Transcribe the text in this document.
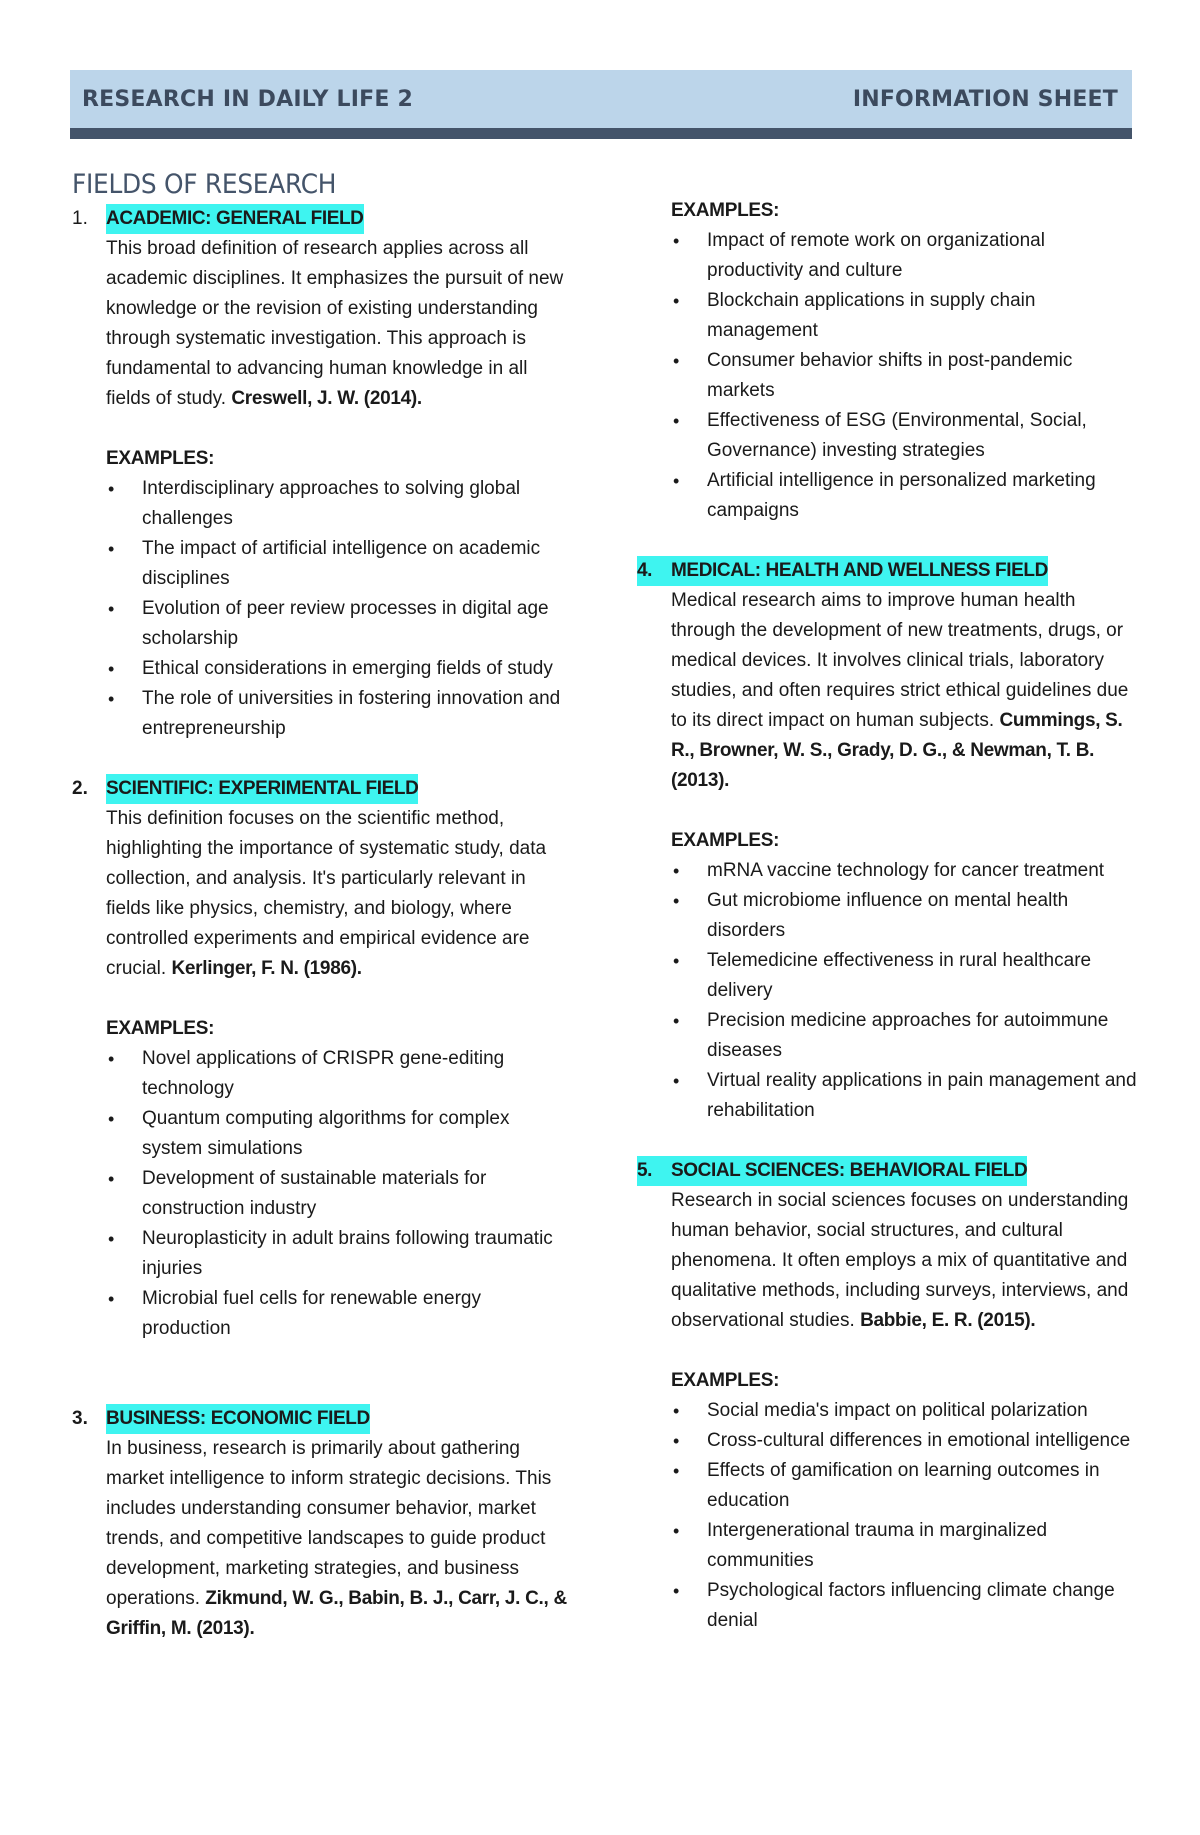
RESEARCH IN DAILY LIFE 2	INFORMATION SHEET
FIELDS OF RESEARCH
1. ACADEMIC: GENERAL FIELD

This broad definition of research applies across all academic disciplines. It emphasizes the pursuit of new knowledge or the revision of existing understanding through systematic investigation. This approach is fundamental to advancing human knowledge in all fields of study. Creswell, J. W. (2014).

EXAMPLES:
• Interdisciplinary approaches to solving global challenges
• The impact of artificial intelligence on academic disciplines
• Evolution of peer review processes in digital age scholarship
• Ethical considerations in emerging fields of study
• The role of universities in fostering innovation and entrepreneurship
2. SCIENTIFIC: EXPERIMENTAL FIELD

This definition focuses on the scientific method, highlighting the importance of systematic study, data collection, and analysis. It's particularly relevant in fields like physics, chemistry, and biology, where controlled experiments and empirical evidence are crucial. Kerlinger, F. N. (1986).

EXAMPLES:
• Novel applications of CRISPR gene-editing technology
• Quantum computing algorithms for complex system simulations
• Development of sustainable materials for construction industry
• Neuroplasticity in adult brains following traumatic injuries
• Microbial fuel cells for renewable energy production
3. BUSINESS: ECONOMIC FIELD

In business, research is primarily about gathering market intelligence to inform strategic decisions. This includes understanding consumer behavior, market trends, and competitive landscapes to guide product development, marketing strategies, and business operations. Zikmund, W. G., Babin, B. J., Carr, J. C., & Griffin, M. (2013).

EXAMPLES:
• Impact of remote work on organizational productivity and culture
• Blockchain applications in supply chain management
• Consumer behavior shifts in post-pandemic markets
• Effectiveness of ESG (Environmental, Social, Governance) investing strategies
• Artificial intelligence in personalized marketing campaigns
4. MEDICAL: HEALTH AND WELLNESS FIELD

Medical research aims to improve human health through the development of new treatments, drugs, or medical devices. It involves clinical trials, laboratory studies, and often requires strict ethical guidelines due to its direct impact on human subjects. Cummings, S. R., Browner, W. S., Grady, D. G., & Newman, T. B. (2013).

EXAMPLES:
• mRNA vaccine technology for cancer treatment
• Gut microbiome influence on mental health disorders
• Telemedicine effectiveness in rural healthcare delivery
• Precision medicine approaches for autoimmune diseases
• Virtual reality applications in pain management and rehabilitation
5. SOCIAL SCIENCES: BEHAVIORAL FIELD

Research in social sciences focuses on understanding human behavior, social structures, and cultural phenomena. It often employs a mix of quantitative and qualitative methods, including surveys, interviews, and observational studies. Babbie, E. R. (2015).

EXAMPLES:
• Social media's impact on political polarization
• Cross-cultural differences in emotional intelligence
• Effects of gamification on learning outcomes in education
• Intergenerational trauma in marginalized communities
• Psychological factors influencing climate change denial
